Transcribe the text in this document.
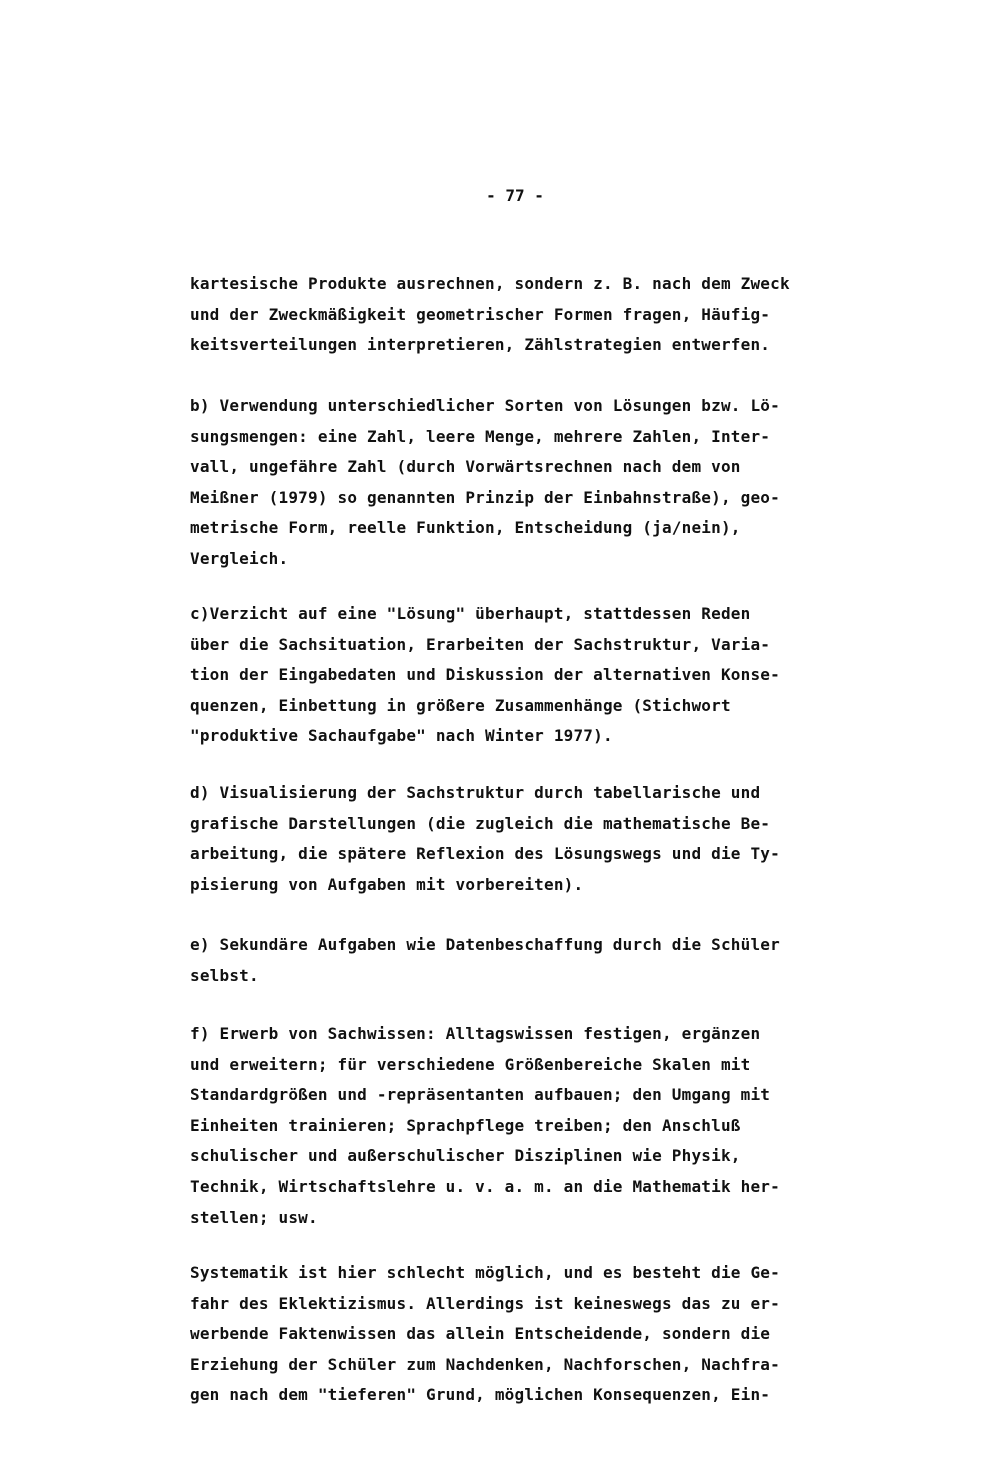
- 77 -
kartesische Produkte ausrechnen, sondern z. B. nach dem Zweck
und der Zweckmäßigkeit geometrischer Formen fragen, Häufig-
keitsverteilungen interpretieren, Zählstrategien entwerfen.
b) Verwendung unterschiedlicher Sorten von Lösungen bzw. Lö-
sungsmengen: eine Zahl, leere Menge, mehrere Zahlen, Inter-
vall, ungefähre Zahl (durch Vorwärtsrechnen nach dem von
Meißner (1979) so genannten Prinzip der Einbahnstraße), geo-
metrische Form, reelle Funktion, Entscheidung (ja/nein),
Vergleich.
c)Verzicht auf eine "Lösung" überhaupt, stattdessen Reden
über die Sachsituation, Erarbeiten der Sachstruktur, Varia-
tion der Eingabedaten und Diskussion der alternativen Konse-
quenzen, Einbettung in größere Zusammenhänge (Stichwort
"produktive Sachaufgabe" nach Winter 1977).
d) Visualisierung der Sachstruktur durch tabellarische und
grafische Darstellungen (die zugleich die mathematische Be-
arbeitung, die spätere Reflexion des Lösungswegs und die Ty-
pisierung von Aufgaben mit vorbereiten).
e) Sekundäre Aufgaben wie Datenbeschaffung durch die Schüler
selbst.
f) Erwerb von Sachwissen: Alltagswissen festigen, ergänzen
und erweitern; für verschiedene Größenbereiche Skalen mit
Standardgrößen und -repräsentanten aufbauen; den Umgang mit
Einheiten trainieren; Sprachpflege treiben; den Anschluß
schulischer und außerschulischer Disziplinen wie Physik,
Technik, Wirtschaftslehre u. v. a. m. an die Mathematik her-
stellen; usw.
Systematik ist hier schlecht möglich, und es besteht die Ge-
fahr des Eklektizismus. Allerdings ist keineswegs das zu er-
werbende Faktenwissen das allein Entscheidende, sondern die
Erziehung der Schüler zum Nachdenken, Nachforschen, Nachfra-
gen nach dem "tieferen" Grund, möglichen Konsequenzen, Ein-
